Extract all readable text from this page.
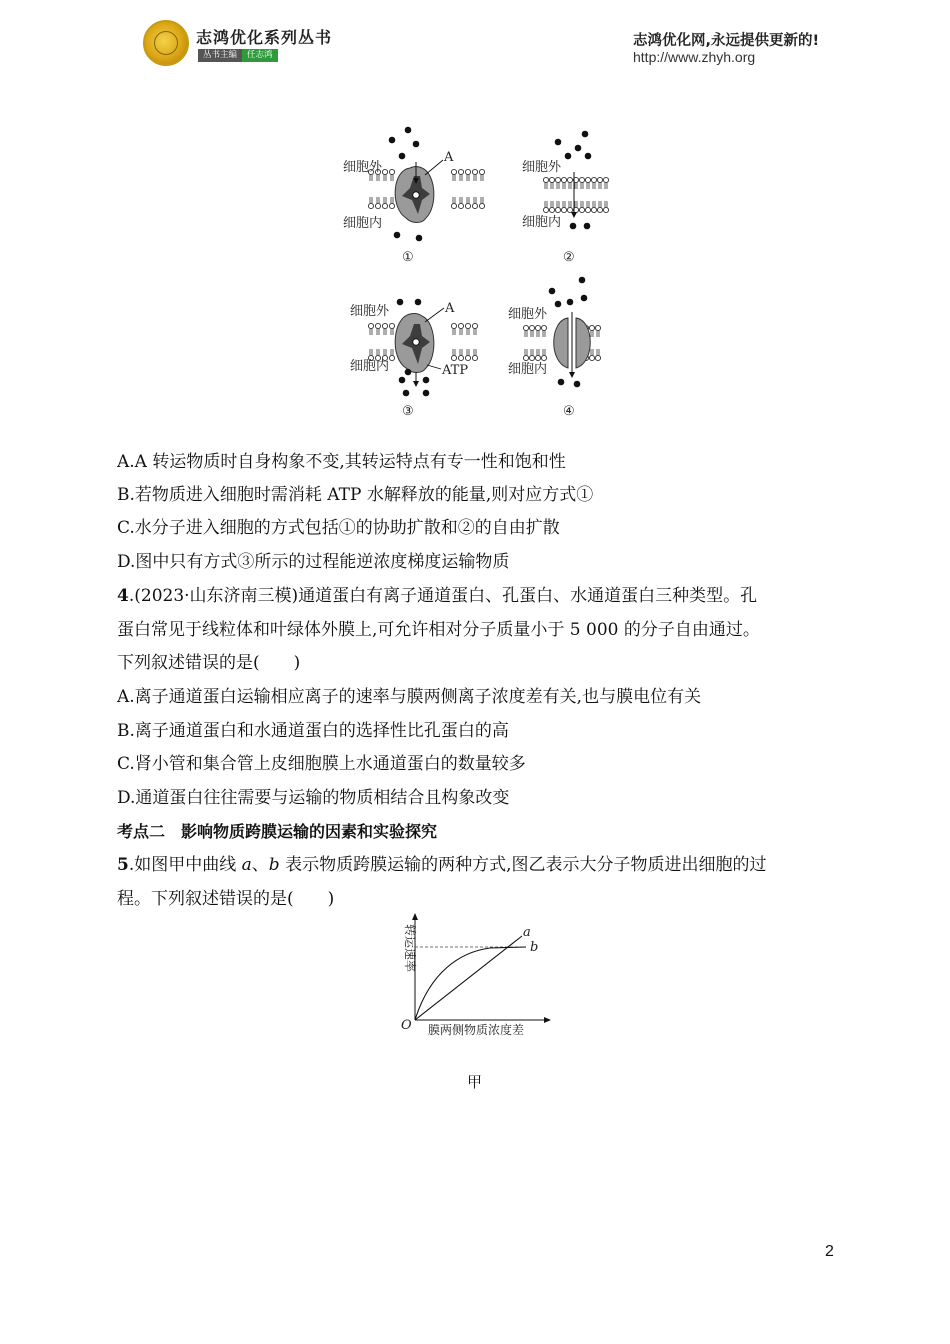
志鸿优化系列丛书
丛书主编	任志鸿
志鸿优化网,永远提供更新的!
http://www.zhyh.org
A
细胞外
细胞内
①
细胞外
细胞内
②
A
ATP
细胞外
细胞内
③
细胞外
细胞内
④
A.A 转运物质时自身构象不变,其转运特点有专一性和饱和性
B.若物质进入细胞时需消耗 ATP 水解释放的能量,则对应方式①
C.水分子进入细胞的方式包括①的协助扩散和②的自由扩散
D.图中只有方式③所示的过程能逆浓度梯度运输物质
4.(2023·山东济南三模)通道蛋白有离子通道蛋白、孔蛋白、水通道蛋白三种类型。孔
蛋白常见于线粒体和叶绿体外膜上,可允许相对分子质量小于 5 000 的分子自由通过。
下列叙述错误的是(　　)
A.离子通道蛋白运输相应离子的速率与膜两侧离子浓度差有关,也与膜电位有关
B.离子通道蛋白和水通道蛋白的选择性比孔蛋白的高
C.肾小管和集合管上皮细胞膜上水通道蛋白的数量较多
D.通道蛋白往往需要与运输的物质相结合且构象改变
考点二　影响物质跨膜运输的因素和实验探究
5.如图甲中曲线 a、b 表示物质跨膜运输的两种方式,图乙表示大分子物质进出细胞的过
程。下列叙述错误的是(　　)
a
b
O 膜两侧物质浓度差
转运速率
甲
2
